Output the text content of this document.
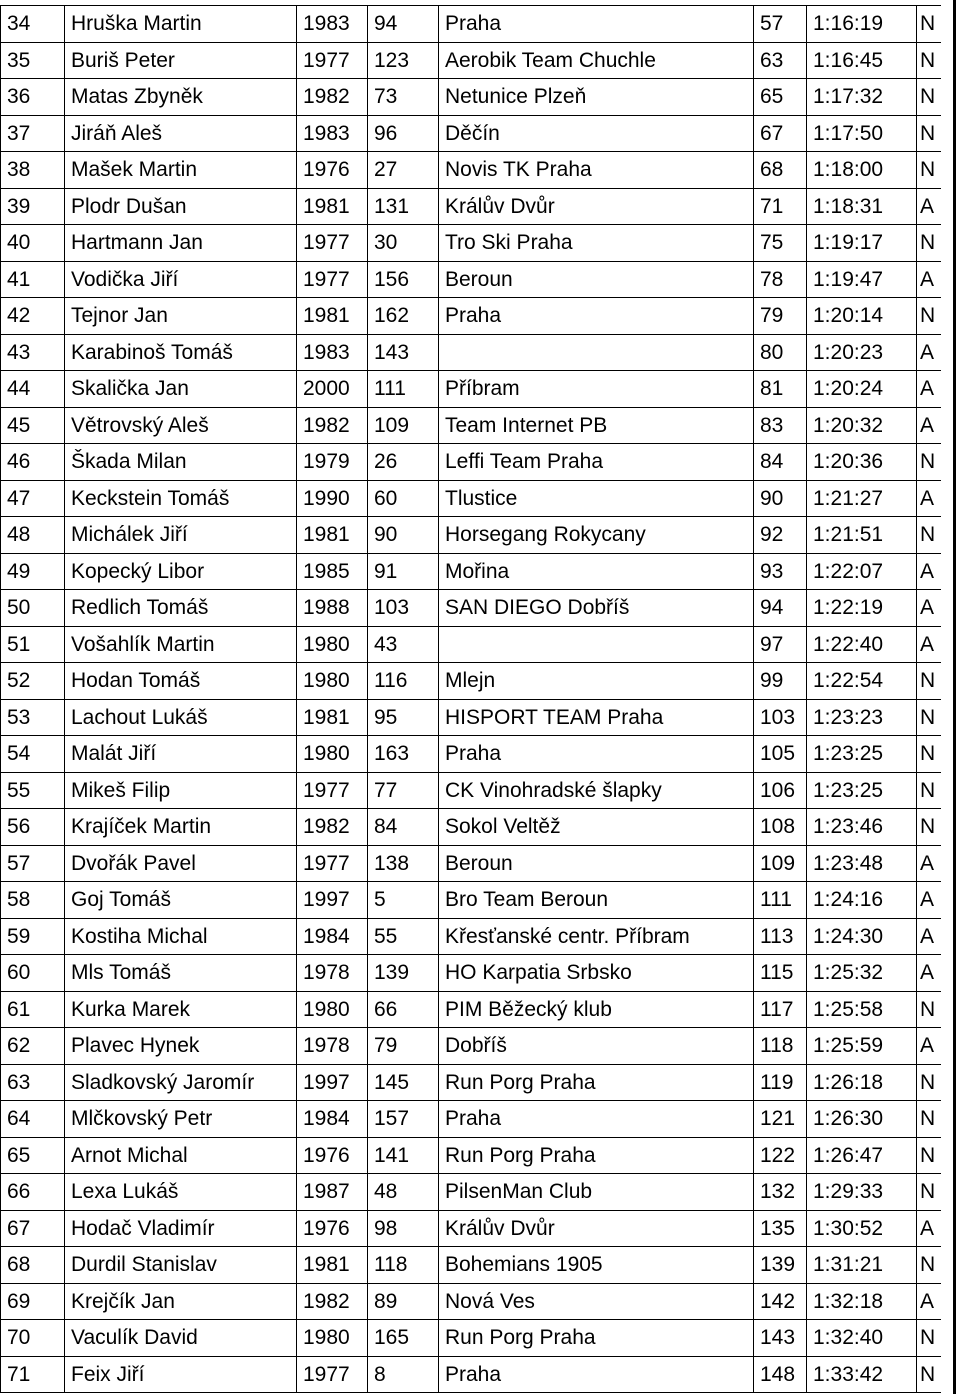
34	Hruška Martin	1983	94	Praha	57	1:16:19	N
35	Buriš Peter	1977	123	Aerobik Team Chuchle	63	1:16:45	N
36	Matas Zbyněk	1982	73	Netunice Plzeň	65	1:17:32	N
37	Jiráň Aleš	1983	96	Děčín	67	1:17:50	N
38	Mašek Martin	1976	27	Novis TK Praha	68	1:18:00	N
39	Plodr Dušan	1981	131	Králův Dvůr	71	1:18:31	A
40	Hartmann Jan	1977	30	Tro Ski Praha	75	1:19:17	N
41	Vodička Jiří	1977	156	Beroun	78	1:19:47	A
42	Tejnor Jan	1981	162	Praha	79	1:20:14	N
43	Karabinoš Tomáš	1983	143		80	1:20:23	A
44	Skalička Jan	2000	111	Příbram	81	1:20:24	A
45	Větrovský Aleš	1982	109	Team Internet PB	83	1:20:32	A
46	Škada Milan	1979	26	Leffi Team Praha	84	1:20:36	N
47	Keckstein Tomáš	1990	60	Tlustice	90	1:21:27	A
48	Michálek Jiří	1981	90	Horsegang Rokycany	92	1:21:51	N
49	Kopecký Libor	1985	91	Mořina	93	1:22:07	A
50	Redlich Tomáš	1988	103	SAN DIEGO Dobříš	94	1:22:19	A
51	Vošahlík Martin	1980	43		97	1:22:40	A
52	Hodan Tomáš	1980	116	Mlejn	99	1:22:54	N
53	Lachout Lukáš	1981	95	HISPORT TEAM Praha	103	1:23:23	N
54	Malát Jiří	1980	163	Praha	105	1:23:25	N
55	Mikeš Filip	1977	77	CK Vinohradské šlapky	106	1:23:25	N
56	Krajíček Martin	1982	84	Sokol Veltěž	108	1:23:46	N
57	Dvořák Pavel	1977	138	Beroun	109	1:23:48	A
58	Goj Tomáš	1997	5	Bro Team Beroun	111	1:24:16	A
59	Kostiha Michal	1984	55	Křesťanské centr. Příbram	113	1:24:30	A
60	Mls Tomáš	1978	139	HO Karpatia Srbsko	115	1:25:32	A
61	Kurka Marek	1980	66	PIM Běžecký klub	117	1:25:58	N
62	Plavec Hynek	1978	79	Dobříš	118	1:25:59	A
63	Sladkovský Jaromír	1997	145	Run Porg Praha	119	1:26:18	N
64	Mlčkovský Petr	1984	157	Praha	121	1:26:30	N
65	Arnot Michal	1976	141	Run Porg Praha	122	1:26:47	N
66	Lexa Lukáš	1987	48	PilsenMan Club	132	1:29:33	N
67	Hodač Vladimír	1976	98	Králův Dvůr	135	1:30:52	A
68	Durdil Stanislav	1981	118	Bohemians 1905	139	1:31:21	N
69	Krejčík Jan	1982	89	Nová Ves	142	1:32:18	A
70	Vaculík David	1980	165	Run Porg Praha	143	1:32:40	N
71	Feix Jiří	1977	8	Praha	148	1:33:42	N
